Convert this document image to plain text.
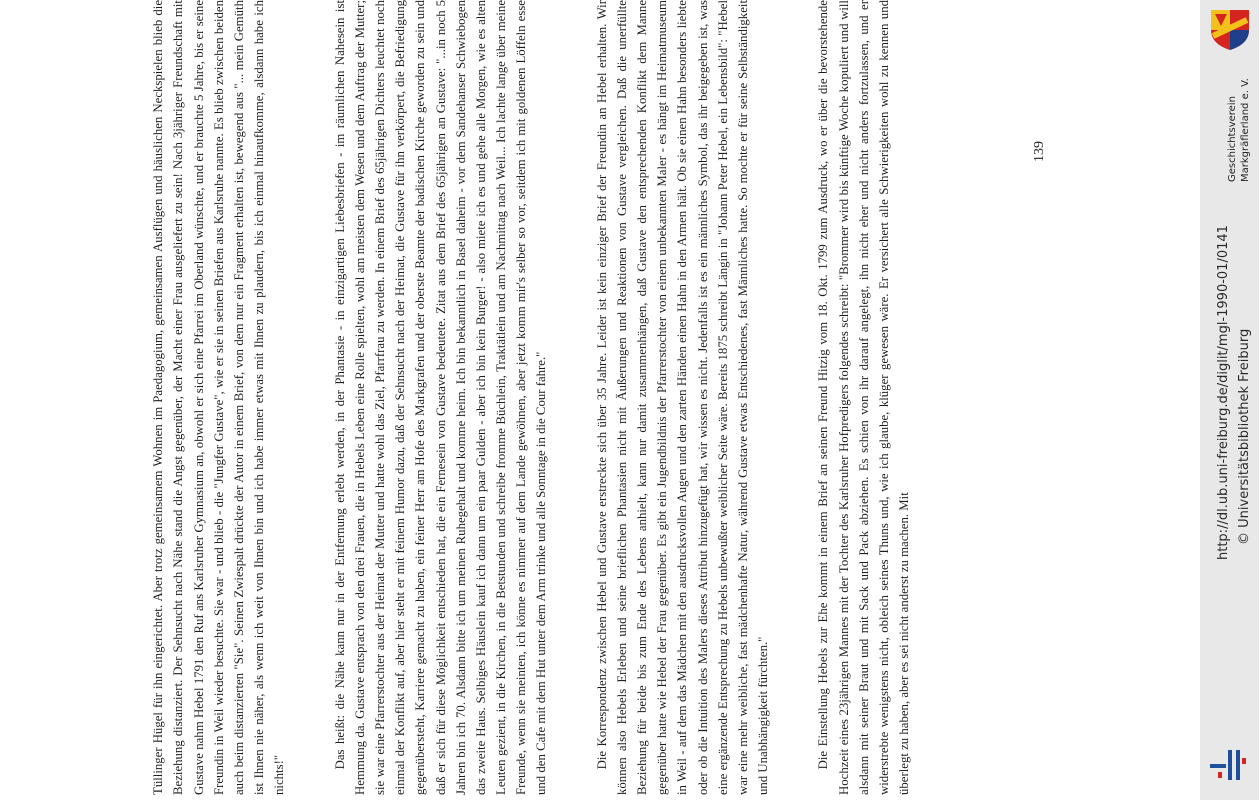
Tüllinger Hügel für ihn eingerichtet. Aber trotz gemeinsamem Wohnen im Paedagogium, gemeinsamen Ausflügen und häuslichen Neckspielen blieb die Beziehung distanziert. Der Sehnsucht nach Nähe stand die Angst gegenüber, der Macht einer Frau ausgeliefert zu sein! Nach 3jähriger Freundschaft mit Gustave nahm Hebel 1791 den Ruf ans Karlsruher Gymnasium an, obwohl er sich eine Pfarrei im Oberland wünschte, und er brauchte 5 Jahre, bis er seine Freundin in Weil wieder besuchte. Sie war - und blieb - die "Jungfer Gustave", wie er sie in seinen Briefen aus Karlsruhe nannte. Es blieb zwischen beiden auch beim distanzierten "Sie". Seinen Zwiespalt drückte der Autor in einem Brief, von dem nur ein Fragment erhalten ist, bewegend aus "... mein Gemüth ist Ihnen nie näher, als wenn ich weit von Ihnen bin und ich habe immer etwas mit Ihnen zu plaudern, bis ich einmal hinaufkomme, alsdann habe ich nichts!"

	Das heißt: die Nähe kann nur in der Entfernung erlebt werden, in der Phantasie - in einzigartigen Liebesbriefen - im räumlichen Nahesein ist Hemmung da. Gustave entsprach von den drei Frauen, die in Hebels Leben eine Rolle spielten, wohl am meisten dem Wesen und dem Auftrag der Mutter; sie war eine Pfarrerstochter aus der Heimat der Mutter und hatte wohl das Ziel, Pfarrfrau zu werden. In einem Brief des 65jährigen Dichters leuchtet noch einmal der Konflikt auf, aber hier steht er mit feinem Humor dazu, daß der Sehnsucht nach der Heimat, die Gustave für ihn verkörpert, die Befriedigung gegenübersteht, Karriere gemacht zu haben, ein feiner Herr am Hofe des Markgrafen und der oberste Beamte der badischen Kirche geworden zu sein und daß er sich für diese Möglichkeit entschieden hat, die ein Fernesein von Gustave bedeutete. Zitat aus dem Brief des 65jährigen an Gustave: "...in noch 5 Jahren bin ich 70. Alsdann bitte ich um meinen Ruhegehalt und komme heim. Ich bin bekanntlich in Basel daheim - vor dem Sandehanser Schwiebogen das zweite Haus. Selbiges Häuslein kauf ich dann um ein paar Gulden - aber ich bin kein Burger! - also miete ich es und gehe alle Morgen, wie es alten Leuten gezient, in die Kirchen, in die Betstunden und schreibe fromme Büchlein, Traktätlein und am Nachmittag nach Weil... Ich lachte lange über meine Freunde, wenn sie meinten, ich könne es nimmer auf dem Lande gewöhnen, aber jetzt komm mir's selber so vor, seitdem ich mit goldenen Löffeln esse und den Cafe mit dem Hut unter dem Arm trinke und alle Sonntage in die Cour fahre."

Die Korrespondenz zwischen Hebel und Gustave erstreckte sich über 35 Jahre. Leider ist kein einziger Brief der Freundin an Hebel erhalten. Wir können also Hebels Erleben und seine brieflichen Phantasien nicht mit Äußerungen und Reaktionen von Gustave vergleichen. Daß die unerfüllte Beziehung für beide bis zum Ende des Lebens anhielt, kann nur damit zusammenhängen, daß Gustave den entsprechenden Konflikt dem Manne gegenüber hatte wie Hebel der Frau gegenüber. Es gibt ein Jugendbildnis der Pfarrerstochter von einem unbekannten Maler - es hängt im Heimatmuseum in Weil - auf dem das Mädchen mit den ausdrucksvollen Augen und den zarten Händen einen Hahn in den Armen hält. Ob sie einen Hahn besonders liebte oder ob die Intuition des Malers dieses Attribut hinzugefügt hat, wir wissen es nicht. Jedenfalls ist es ein männliches Symbol, das ihr beigegeben ist, was eine ergänzende Entsprechung zu Hebels unbewußter weiblicher Seite wäre. Bereits 1875 schreibt Längin in "Johann Peter Hebel, ein Lebensbild": "Hebel war eine mehr weibliche, fast mädchenhafte Natur, während Gustave etwas Entschiedenes, fast Männliches hatte. So mochte er für seine Selbständigkeit und Unabhängigkeit fürchten."

Die Einstellung Hebels zur Ehe kommt in einem Brief an seinen Freund Hitzig vom 18. Okt. 1799 zum Ausdruck, wo er über die bevorstehende Hochzeit eines 23jährigen Mannes mit der Tochter des Karlsruher Hofpredigers folgendes schreibt: "Brommer wird bis künftige Woche kopuliert und will alsdann mit seiner Braut und mit Sack und Pack abziehen. Es schien von ihr darauf angelegt, ihn nicht eher und nicht anders fortzulassen, und er widerstrebte wenigstens nicht, obleich seines Thuns und, wie ich glaube, klüger gewesen wäre. Er versichert alle Schwierigkeiten wohl zu kennen und überlegt zu haben, aber es sei nicht anderst zu machen. Mit

139
http://dl.ub.uni-freiburg.de/diglit/mgl-1990-01/0141 © Universitätsbibliothek Freiburg
Geschichtsverein Markgräflerland e. V.
